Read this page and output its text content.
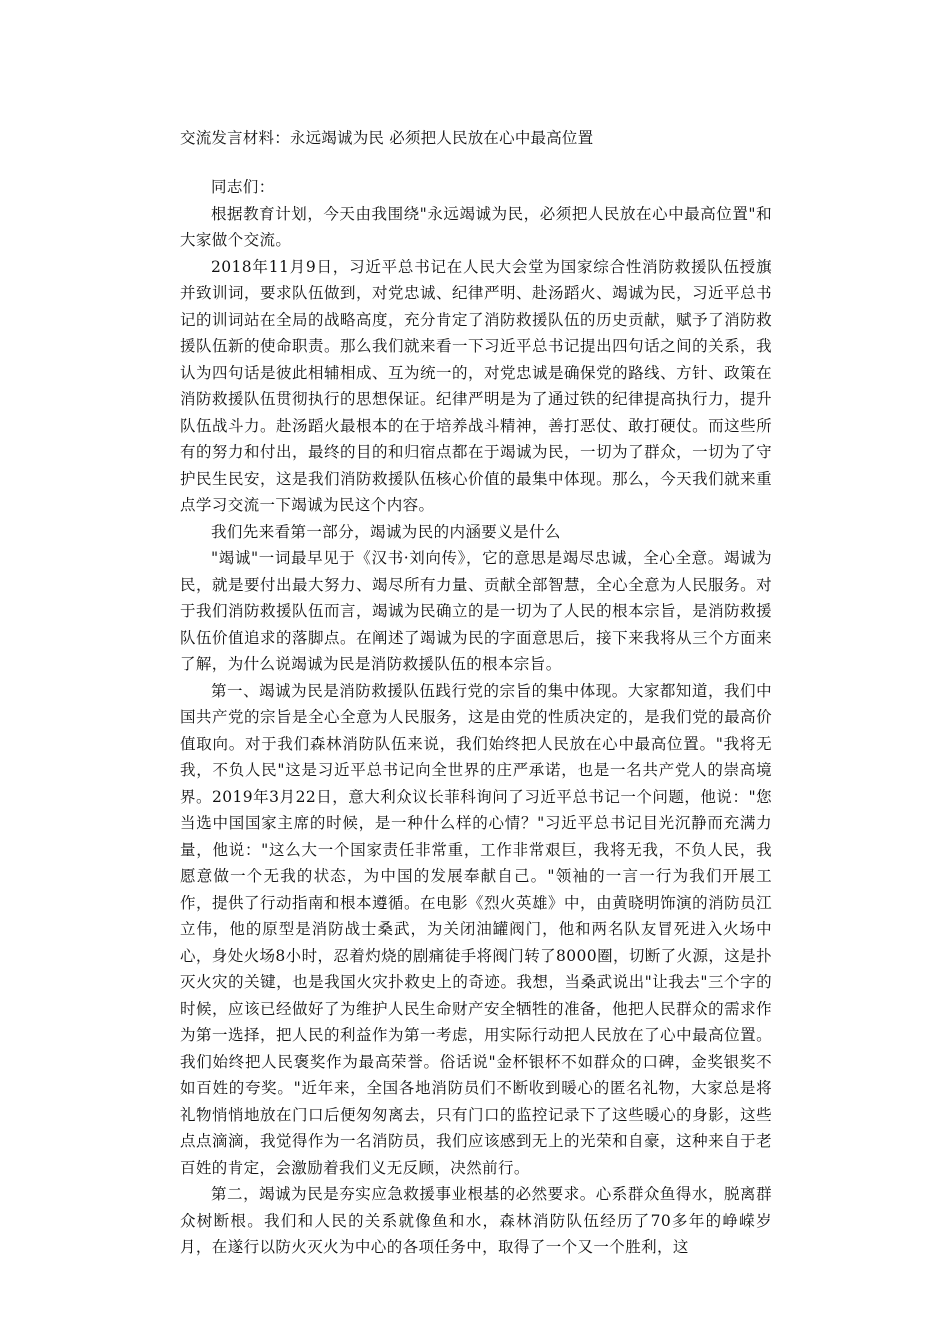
交流发言材料：永远竭诚为民 必须把人民放在心中最高位置

同志们：

根据教育计划，今天由我围绕"永远竭诚为民，必须把人民放在心中最高位置"和大家做个交流。

2018年11月9日，习近平总书记在人民大会堂为国家综合性消防救援队伍授旗并致训词，要求队伍做到，对党忠诚、纪律严明、赴汤蹈火、竭诚为民，习近平总书记的训词站在全局的战略高度，充分肯定了消防救援队伍的历史贡献，赋予了消防救援队伍新的使命职责。那么我们就来看一下习近平总书记提出四句话之间的关系，我认为四句话是彼此相辅相成、互为统一的，对党忠诚是确保党的路线、方针、政策在消防救援队伍贯彻执行的思想保证。纪律严明是为了通过铁的纪律提高执行力，提升队伍战斗力。赴汤蹈火最根本的在于培养战斗精神，善打恶仗、敢打硬仗。而这些所有的努力和付出，最终的目的和归宿点都在于竭诚为民，一切为了群众，一切为了守护民生民安，这是我们消防救援队伍核心价值的最集中体现。那么，今天我们就来重点学习交流一下竭诚为民这个内容。

我们先来看第一部分，竭诚为民的内涵要义是什么

"竭诚"一词最早见于《汉书·刘向传》，它的意思是竭尽忠诚，全心全意。竭诚为民，就是要付出最大努力、竭尽所有力量、贡献全部智慧，全心全意为人民服务。对于我们消防救援队伍而言，竭诚为民确立的是一切为了人民的根本宗旨，是消防救援队伍价值追求的落脚点。在阐述了竭诚为民的字面意思后，接下来我将从三个方面来了解，为什么说竭诚为民是消防救援队伍的根本宗旨。

第一、竭诚为民是消防救援队伍践行党的宗旨的集中体现。大家都知道，我们中国共产党的宗旨是全心全意为人民服务，这是由党的性质决定的，是我们党的最高价值取向。对于我们森林消防队伍来说，我们始终把人民放在心中最高位置。"我将无我，不负人民"这是习近平总书记向全世界的庄严承诺，也是一名共产党人的崇高境界。2019年3月22日，意大利众议长菲科询问了习近平总书记一个问题，他说："您当选中国国家主席的时候，是一种什么样的心情？"习近平总书记目光沉静而充满力量，他说："这么大一个国家责任非常重，工作非常艰巨，我将无我，不负人民，我愿意做一个无我的状态，为中国的发展奉献自己。"领袖的一言一行为我们开展工作，提供了行动指南和根本遵循。在电影《烈火英雄》中，由黄晓明饰演的消防员江立伟，他的原型是消防战士桑武，为关闭油罐阀门，他和两名队友冒死进入火场中心，身处火场8小时，忍着灼烧的剧痛徒手将阀门转了8000圈，切断了火源，这是扑灭火灾的关键，也是我国火灾扑救史上的奇迹。我想，当桑武说出"让我去"三个字的时候，应该已经做好了为维护人民生命财产安全牺牲的准备，他把人民群众的需求作为第一选择，把人民的利益作为第一考虑，用实际行动把人民放在了心中最高位置。我们始终把人民褒奖作为最高荣誉。俗话说"金杯银杯不如群众的口碑，金奖银奖不如百姓的夸奖。"近年来，全国各地消防员们不断收到暖心的匿名礼物，大家总是将礼物悄悄地放在门口后便匆匆离去，只有门口的监控记录下了这些暖心的身影，这些点点滴滴，我觉得作为一名消防员，我们应该感到无上的光荣和自豪，这种来自于老百姓的肯定，会激励着我们义无反顾，决然前行。

第二，竭诚为民是夯实应急救援事业根基的必然要求。心系群众鱼得水，脱离群众树断根。我们和人民的关系就像鱼和水，森林消防队伍经历了70多年的峥嵘岁月，在遂行以防火灭火为中心的各项任务中，取得了一个又一个胜利，这
